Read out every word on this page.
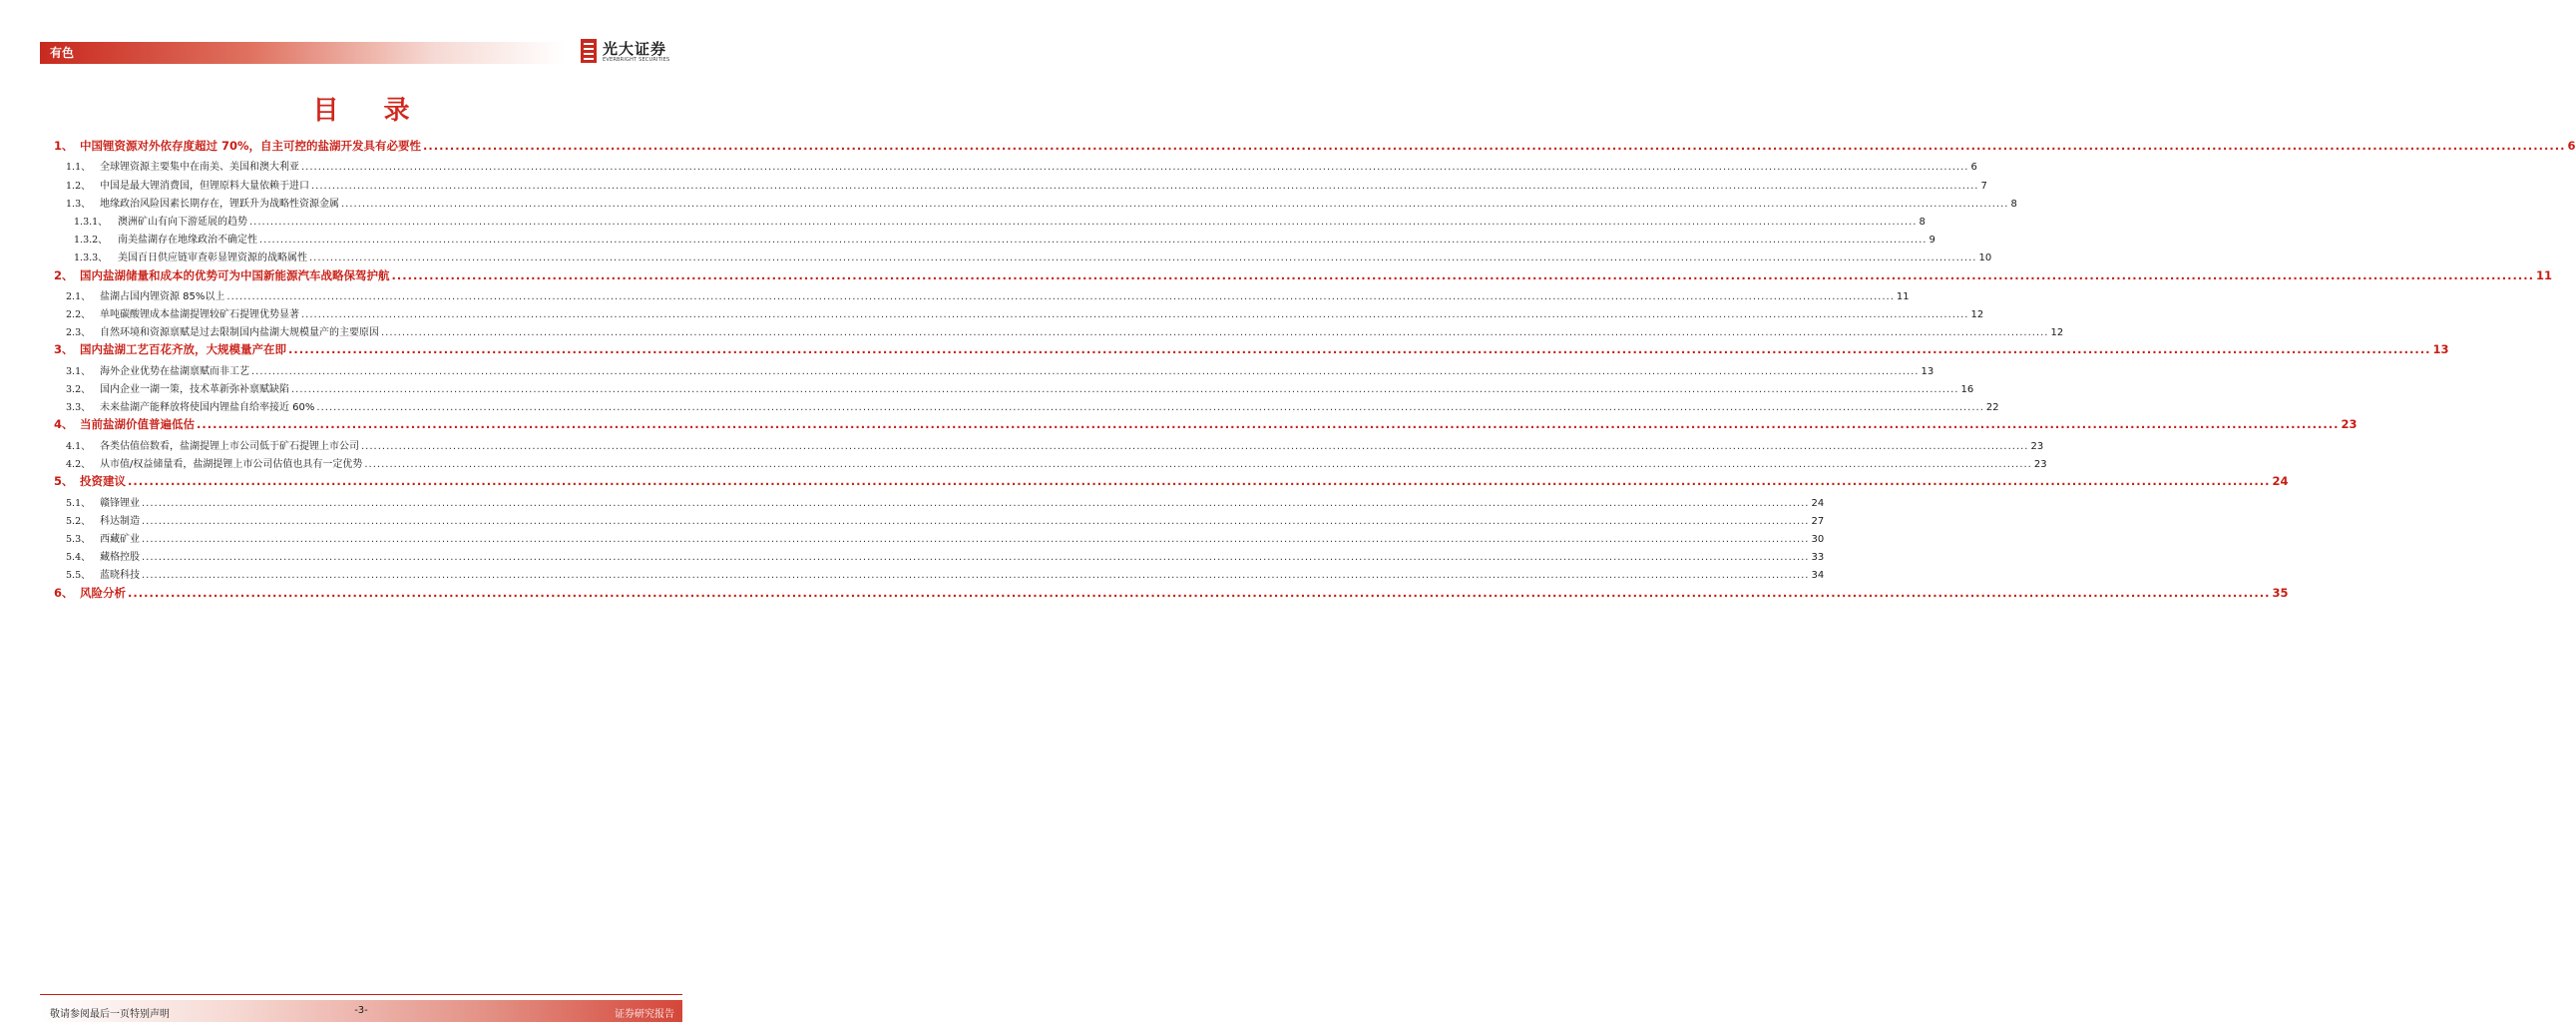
有色	光大证券
EVERBRIGHT SECURITIES
目 录
1、 中国锂资源对外依存度超过 70%，自主可控的盐湖开发具有必要性 ................................................................................................................................................................................................................................................................................................................................................................................................................ 6
1.1、 全球锂资源主要集中在南美、美国和澳大利亚 ................................................................................................................................................................................................................................................................................................................................................................................................................ 6
1.2、 中国是最大锂消费国，但锂原料大量依赖于进口 ................................................................................................................................................................................................................................................................................................................................................................................................................ 7
1.3、 地缘政治风险因素长期存在，锂跃升为战略性资源金属 ................................................................................................................................................................................................................................................................................................................................................................................................................ 8
1.3.1、	澳洲矿山有向下游延展的趋势 ................................................................................................................................................................................................................................................................................................................................................................................................................ 8
1.3.2、	南美盐湖存在地缘政治不确定性 ................................................................................................................................................................................................................................................................................................................................................................................................................ 9
1.3.3、	美国百日供应链审查彰显锂资源的战略属性 ................................................................................................................................................................................................................................................................................................................................................................................................................ 10
2、 国内盐湖储量和成本的优势可为中国新能源汽车战略保驾护航 ................................................................................................................................................................................................................................................................................................................................................................................................................ 11
2.1、 盐湖占国内锂资源 85%以上 ................................................................................................................................................................................................................................................................................................................................................................................................................ 11
2.2、 单吨碳酸锂成本盐湖提锂较矿石提锂优势显著 ................................................................................................................................................................................................................................................................................................................................................................................................................ 12
2.3、 自然环境和资源禀赋是过去限制国内盐湖大规模量产的主要原因 ................................................................................................................................................................................................................................................................................................................................................................................................................ 12
3、 国内盐湖工艺百花齐放，大规模量产在即 ................................................................................................................................................................................................................................................................................................................................................................................................................ 13
3.1、 海外企业优势在盐湖禀赋而非工艺 ................................................................................................................................................................................................................................................................................................................................................................................................................ 13
3.2、 国内企业一湖一策，技术革新弥补禀赋缺陷 ................................................................................................................................................................................................................................................................................................................................................................................................................ 16
3.3、 未来盐湖产能释放将使国内锂盐自给率接近 60% ................................................................................................................................................................................................................................................................................................................................................................................................................ 22
4、 当前盐湖价值普遍低估 ................................................................................................................................................................................................................................................................................................................................................................................................................ 23
4.1、 各类估值倍数看，盐湖提锂上市公司低于矿石提锂上市公司 ................................................................................................................................................................................................................................................................................................................................................................................................................ 23
4.2、 从市值/权益储量看，盐湖提锂上市公司估值也具有一定优势 ................................................................................................................................................................................................................................................................................................................................................................................................................ 23
5、 投资建议 ................................................................................................................................................................................................................................................................................................................................................................................................................ 24
5.1、 赣锋锂业 ................................................................................................................................................................................................................................................................................................................................................................................................................ 24
5.2、 科达制造 ................................................................................................................................................................................................................................................................................................................................................................................................................ 27
5.3、 西藏矿业 ................................................................................................................................................................................................................................................................................................................................................................................................................ 30
5.4、 藏格控股 ................................................................................................................................................................................................................................................................................................................................................................................................................ 33
5.5、 蓝晓科技 ................................................................................................................................................................................................................................................................................................................................................................................................................ 34
6、 风险分析 ................................................................................................................................................................................................................................................................................................................................................................................................................ 35
敬请参阅最后一页特别声明	-3-	证券研究报告
